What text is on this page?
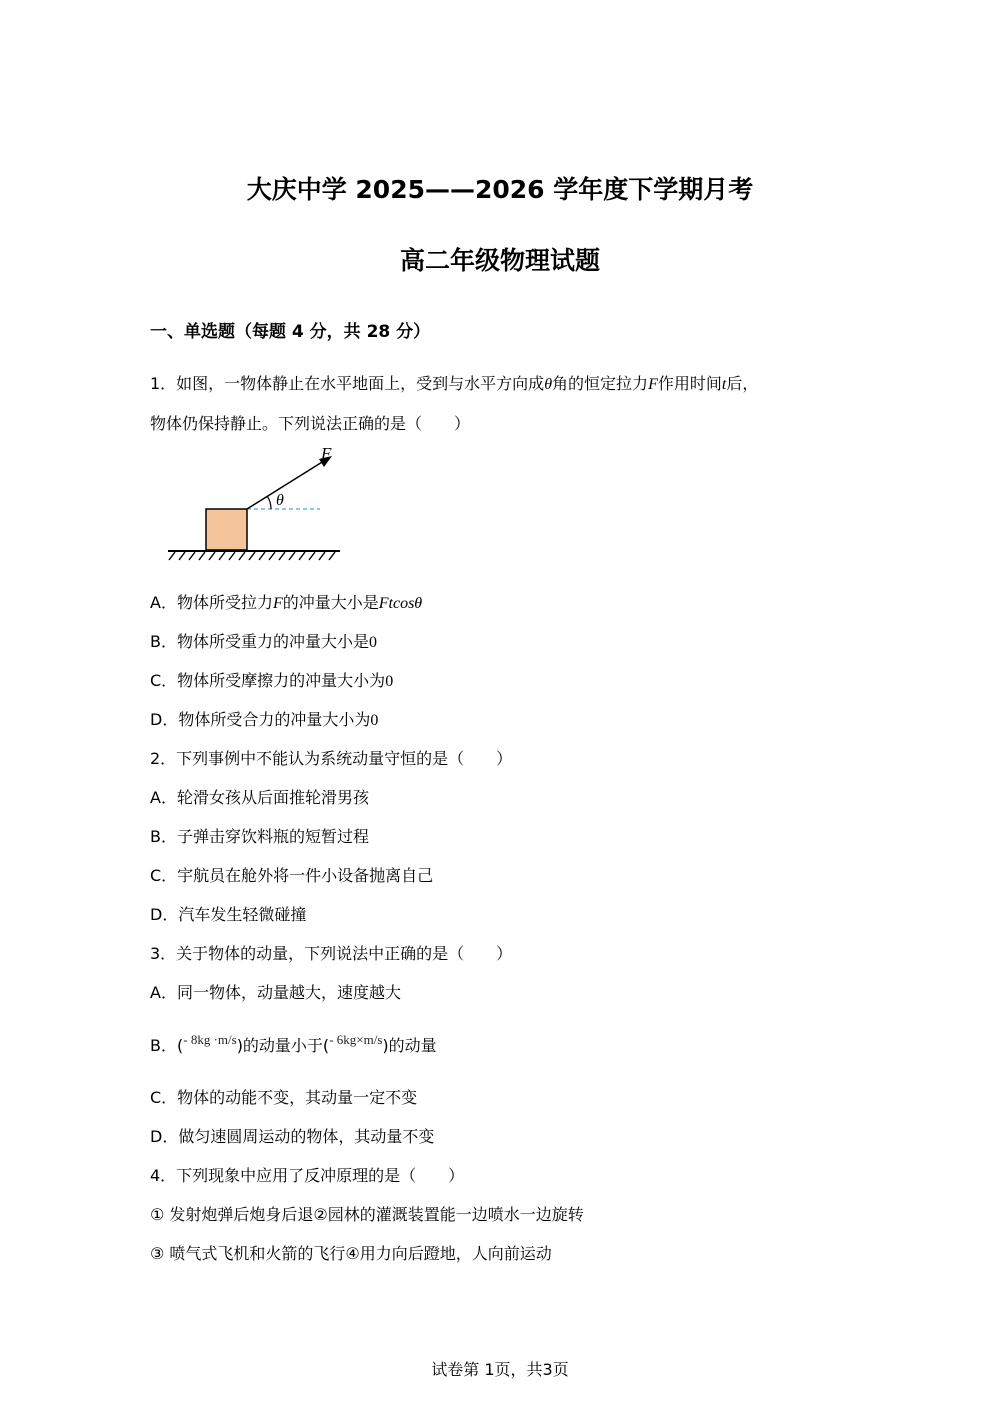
大庆中学 2025——2026 学年度下学期月考
高二年级物理试题
一、单选题（每题 4 分，共 28 分）
1．如图，一物体静止在水平地面上，受到与水平方向成θ角的恒定拉力F作用时间t后，
物体仍保持静止。下列说法正确的是（　　）
F
θ
A．物体所受拉力F的冲量大小是Ftcosθ
B．物体所受重力的冲量大小是0
C．物体所受摩擦力的冲量大小为0
D．物体所受合力的冲量大小为0
2．下列事例中不能认为系统动量守恒的是（　　）
A．轮滑女孩从后面推轮滑男孩
B．子弹击穿饮料瓶的短暂过程
C．宇航员在舱外将一件小设备抛离自己
D．汽车发生轻微碰撞
3．关于物体的动量，下列说法中正确的是（　　）
A．同一物体，动量越大，速度越大
B．($^{- 8kg \cdot m/s}$)的动量小于($^{- 6kg\times m/s}$)的动量
C．物体的动能不变，其动量一定不变
D．做匀速圆周运动的物体，其动量不变
4．下列现象中应用了反冲原理的是（　　）
① 发射炮弹后炮身后退②园林的灌溉装置能一边喷水一边旋转
③ 喷气式飞机和火箭的飞行④用力向后蹬地，人向前运动
试卷第 1页，共3页
